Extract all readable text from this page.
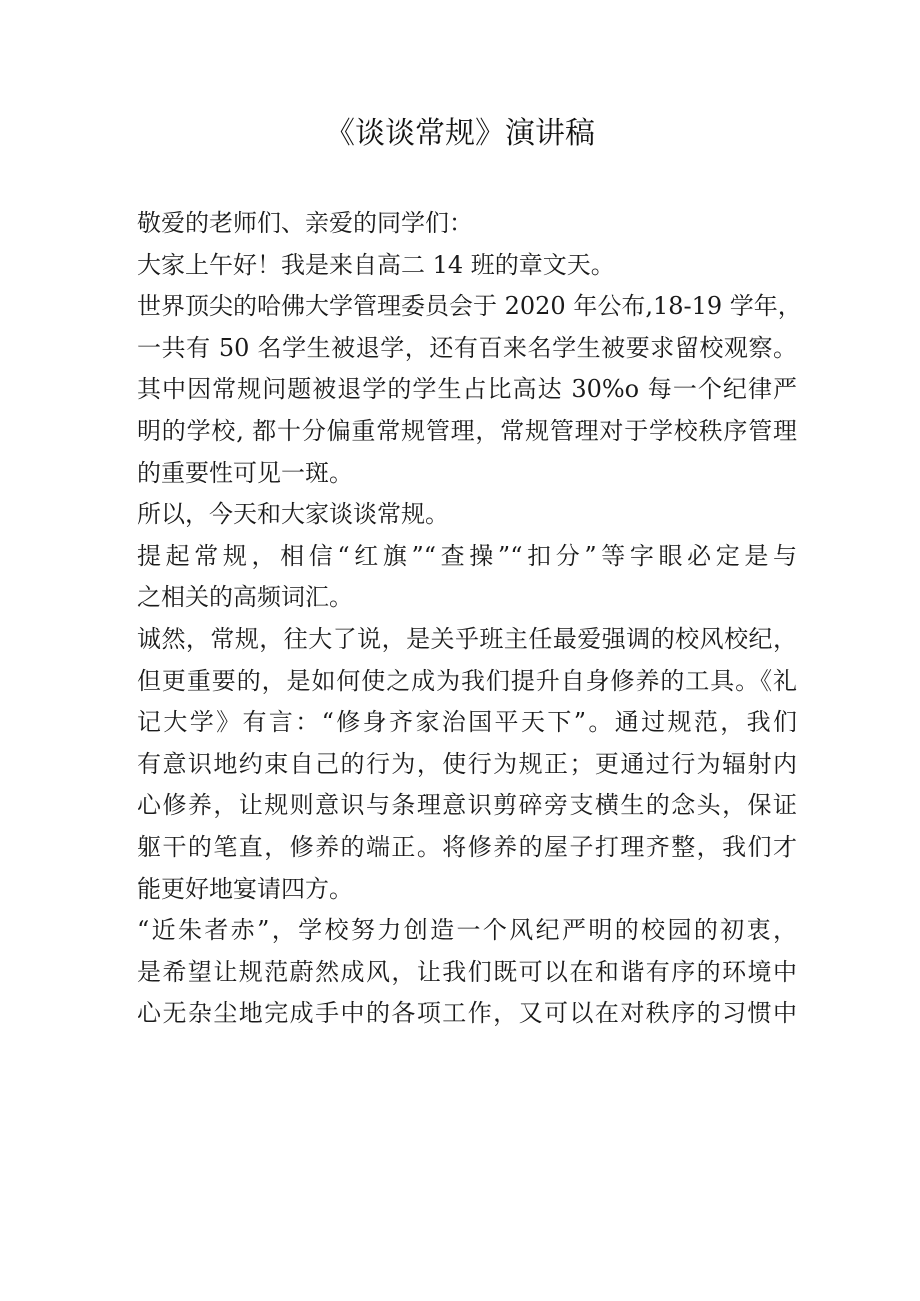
《谈谈常规》演讲稿
敬爱的老师们、亲爱的同学们：
大家上午好！我是来自高二 14 班的章文天。
世界顶尖的哈佛大学管理委员会于 2020 年公布,18-19 学年，
一共有 50 名学生被退学，还有百来名学生被要求留校观察。
其中因常规问题被退学的学生占比高达 30%o 每一个纪律严
明的学校, 都十分偏重常规管理，常规管理对于学校秩序管理
的重要性可见一斑。
所以，今天和大家谈谈常规。
提起常规，相信“红旗”“查操”“扣分”等字眼必定是与
之相关的高频词汇。
诚然，常规，往大了说，是关乎班主任最爱强调的校风校纪，
但更重要的，是如何使之成为我们提升自身修养的工具。《礼
记大学》有言：“修身齐家治国平天下”。通过规范，我们
有意识地约束自己的行为，使行为规正；更通过行为辐射内
心修养，让规则意识与条理意识剪碎旁支横生的念头，保证
躯干的笔直，修养的端正。将修养的屋子打理齐整，我们才
能更好地宴请四方。
“近朱者赤”，学校努力创造一个风纪严明的校园的初衷，
是希望让规范蔚然成风，让我们既可以在和谐有序的环境中
心无杂尘地完成手中的各项工作，又可以在对秩序的习惯中
